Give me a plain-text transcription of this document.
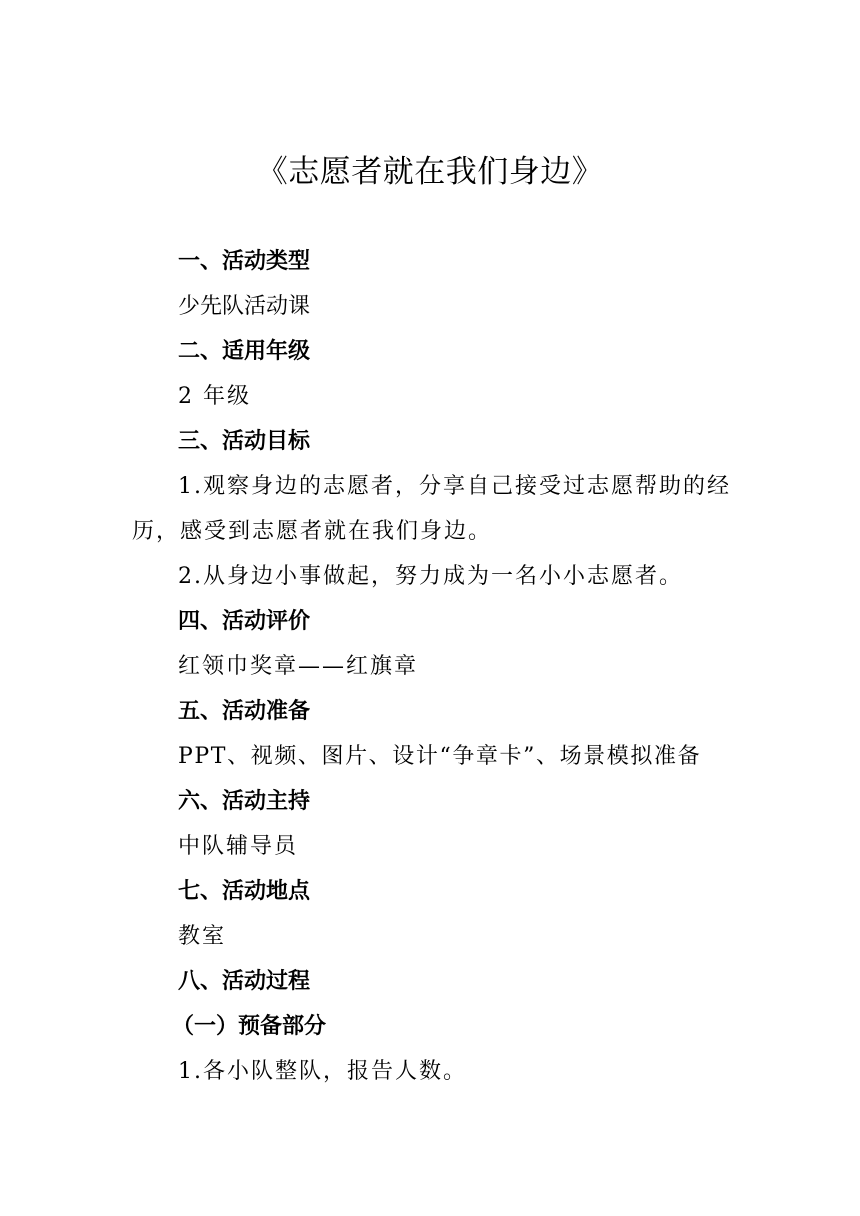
《志愿者就在我们身边》
一、活动类型
少先队活动课
二、适用年级
2 年级
三、活动目标
1.观察身边的志愿者，分享自己接受过志愿帮助的经
历，感受到志愿者就在我们身边。
2.从身边小事做起，努力成为一名小小志愿者。
四、活动评价
红领巾奖章——红旗章
五、活动准备
PPT、视频、图片、设计“争章卡”、场景模拟准备
六、活动主持
中队辅导员
七、活动地点
教室
八、活动过程
（一）预备部分
1.各小队整队，报告人数。
